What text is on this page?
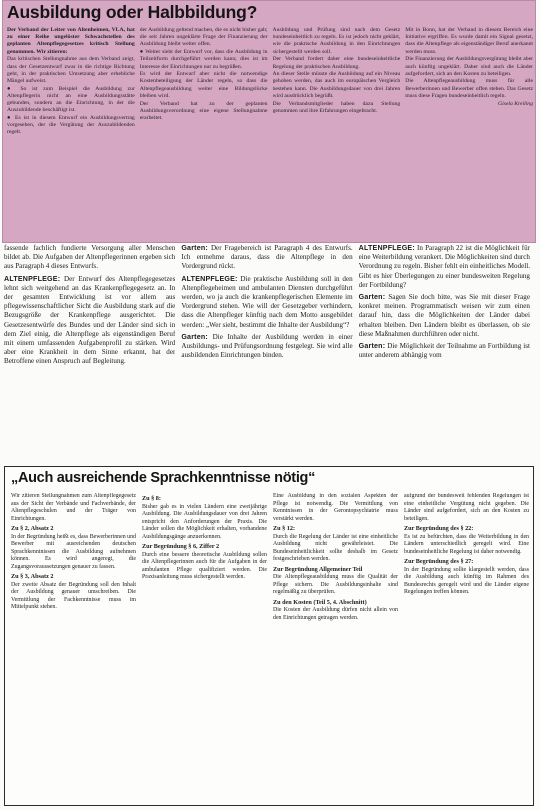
Ausbildung oder Halbbildung?

Der Verband der Leiter von Altenheimen, VLA, hat zu einer Reihe ungelöster Schwachstellen des geplanten Altenpflegegesetzes kritisch Stellung genommen. Wir zitieren:

Das kritischen Stellungnahme aus dem Verband zeigt, dass der Gesetzentwurf zwar in die richtige Richtung geht, in der praktischen Umsetzung aber erhebliche Mängel aufweist.

● So ist zum Beispiel die Ausbildung zur Altenpflegerin nicht an eine Ausbildungsstätte gebunden, sondern an die Einrichtung, in der die Auszubildende beschäftigt ist.

● Es ist in diesem Entwurf ein Ausbildungsvertrag vorgesehen, der die Vergütung der Auszubildenden regelt.

der Ausbildung geltend machen, die es nicht bisher gab; die seit Jahren ungeklärte Frage der Finanzierung der Ausbildung bleibt weiter offen.

● Weiter sieht der Entwurf vor, dass die Ausbildung in Teilzeitform durchgeführt werden kann; dies ist im Interesse der Einrichtungen nur zu begrüßen.

Es wird der Entwurf aber nicht die notwendige Kostenbeteiligung der Länder regeln, so dass die Altenpflegeausbildung weiter eine Bildungslücke bleiben wird.

Der Verband hat zu der geplanten Ausbildungsverordnung eine eigene Stellungnahme erarbeitet.

Ausbildung und Prüfung sind nach dem Gesetz bundeseinheitlich zu regeln. Es ist jedoch nicht geklärt, wie die praktische Ausbildung in den Einrichtungen sichergestellt werden soll.

Der Verband fordert daher eine bundeseinheitliche Regelung der praktischen Ausbildung.

An dieser Stelle müsste die Ausbildung auf ein Niveau gehoben werden, das auch im europäischen Vergleich bestehen kann. Die Ausbildungsdauer von drei Jahren wird ausdrücklich begrüßt.

Die Verbandsmitglieder haben dazu Stellung genommen und ihre Erfahrungen eingebracht.

Mit in Bonn, hat der Verband in diesem Bereich eine Initiative ergriffen. Es wurde damit ein Signal gesetzt, dass die Altenpflege als eigenständiger Beruf anerkannt werden muss.

Die Finanzierung der Ausbildungsvergütung bleibt aber auch künftig ungeklärt. Daher sind auch die Länder aufgefordert, sich an den Kosten zu beteiligen.

Die Altenpflegeausbildung muss für alle Bewerberinnen und Bewerber offen stehen. Das Gesetz muss diese Fragen bundeseinheitlich regeln.

Gisela Kreiling

fassende fachlich fundierte Versorgung aller Menschen bildet ab. Die Aufgaben der Altenpflegerinnen ergeben sich aus Paragraph 4 dieses Entwurfs.

ALTENPFLEGE: Der Entwurf des Altenpflegegesetzes lehnt sich weitgehend an das Krankenpflegegesetz an. In der gesamten Entwicklung ist vor allem aus pflegewissenschaftlicher Sicht die Ausbildung stark auf die Bezugsgröße der Krankenpflege ausgerichtet. Die Gesetzesentwürfe des Bundes und der Länder sind sich in dem Ziel einig, die Altenpflege als eigenständigen Beruf mit einem umfassenden Aufgabenprofil zu stärken. Wird aber eine Krankheit in dem Sinne erkannt, hat der Betroffene einen Anspruch auf Begleitung.

Garten: Der Fragebereich ist Paragraph 4 des Entwurfs. Ich entnehme daraus, dass die Altenpflege in den Vordergrund rückt.

ALTENPFLEGE: Die praktische Ausbildung soll in den Altenpflegeheimen und ambulanten Diensten durchgeführt werden, wo ja auch die krankenpflegerischen Elemente im Vordergrund stehen. Wie will der Gesetzgeber verhindern, dass die Altenpfleger künftig nach dem Motto ausgebildet werden: „Wer sieht, bestimmt die Inhalte der Ausbildung“?

Garten: Die Inhalte der Ausbildung werden in einer Ausbildungs- und Prüfungsordnung festgelegt. Sie wird alle ausbildenden Einrichtungen binden.

ALTENPFLEGE: In Paragraph 22 ist die Möglichkeit für eine Weiterbildung verankert. Die Möglichkeiten sind durch Verordnung zu regeln. Bisher fehlt ein einheitliches Modell. Gibt es hier Überlegungen zu einer bundesweiten Regelung der Fortbildung?

Garten: Sagen Sie doch bitte, was Sie mit dieser Frage konkret meinen. Programmatisch weisen wir zum einen darauf hin, dass die Möglichkeiten der Länder dabei erhalten bleiben. Den Ländern bleibt es überlassen, ob sie diese Maßnahmen durchführen oder nicht.

Garten: Die Möglichkeit der Teilnahme an Fortbildung ist unter anderem abhängig vom

„Auch ausreichende Sprachkenntnisse nötig“

Wir zitieren Stellungnahmen zum Altenpflegegesetz aus der Sicht der Verbände und Fachverbände, der Altenpflegeschulen und der Träger von Einrichtungen.

Zu § 2, Absatz 2

In der Begründung heißt es, dass Bewerberinnen und Bewerber mit ausreichenden deutschen Sprachkenntnissen die Ausbildung aufnehmen können. Es wird angeregt, die Zugangsvoraussetzungen genauer zu fassen.

Zu § 3, Absatz 2

Der zweite Absatz der Begründung soll den Inhalt der Ausbildung genauer umschreiben. Die Vermittlung der Fachkenntnisse muss im Mittelpunkt stehen.

Zu § 8:

Bisher gab es in vielen Ländern eine zweijährige Ausbildung. Die Ausbildungsdauer von drei Jahren entspricht den Anforderungen der Praxis. Die Länder sollen die Möglichkeit erhalten, vorhandene Ausbildungsgänge anzuerkennen.

Zur Begründung § 6, Ziffer 2

Durch eine bessere theoretische Ausbildung sollen die Altenpflegerinnen auch für die Aufgaben in der ambulanten Pflege qualifiziert werden. Die Praxisanleitung muss sichergestellt werden.

Eine Ausbildung in den sozialen Aspekten der Pflege ist notwendig. Die Vermittlung von Kenntnissen in der Gerontopsychiatrie muss verstärkt werden.

Zu § 12:

Durch die Regelung der Länder ist eine einheitliche Ausbildung nicht gewährleistet. Die Bundeseinheitlichkeit sollte deshalb im Gesetz festgeschrieben werden.

Zur Begründung Allgemeiner Teil

Die Altenpflegeausbildung muss die Qualität der Pflege sichern. Die Ausbildungsinhalte sind regelmäßig zu überprüfen.

Zu den Kosten (Teil 5, 4. Abschnitt)

Die Kosten der Ausbildung dürfen nicht allein von den Einrichtungen getragen werden.

aufgrund der bundesweit fehlenden Regelungen ist eine einheitliche Vergütung nicht gegeben. Die Länder sind aufgefordert, sich an den Kosten zu beteiligen.

Zur Begründung des § 22:

Es ist zu befürchten, dass die Weiterbildung in den Ländern unterschiedlich geregelt wird. Eine bundeseinheitliche Regelung ist daher notwendig.

Zur Begründung des § 27:

In der Begründung sollte klargestellt werden, dass die Ausbildung auch künftig im Rahmen des Bundesrechts geregelt wird und die Länder eigene Regelungen treffen können.
